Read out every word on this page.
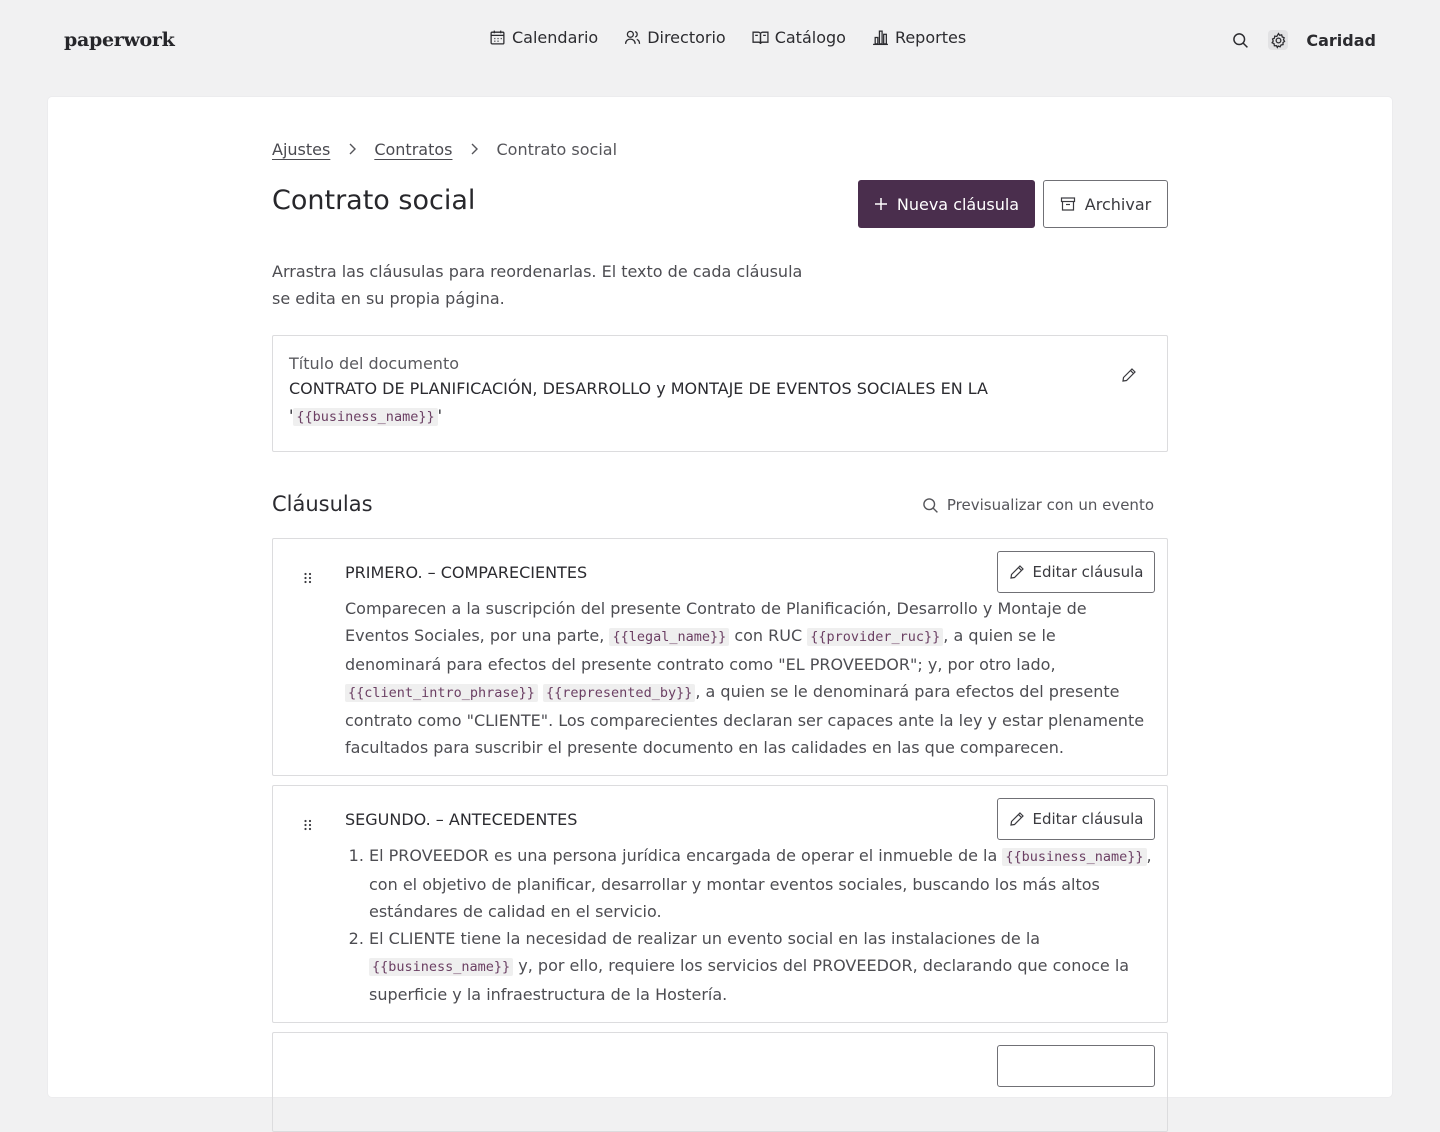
paperwork	Calendario	Directorio	Catálogo	Reportes	Caridad
Ajustes	Contratos	Contrato social
Contrato social	Nueva cláusula	Archivar

Arrastra las cláusulas para reordenarlas. El texto de cada cláusula se edita en su propia página.

Título del documento
CONTRATO DE PLANIFICACIÓN, DESARROLLO y MONTAJE DE EVENTOS SOCIALES EN LA
' {{business_name}} '
Cláusulas	Previsualizar con un evento
PRIMERO. – COMPARECIENTES	Editar cláusula
Comparecen a la suscripción del presente Contrato de Planificación, Desarrollo y Montaje de Eventos Sociales, por una parte, {{legal_name}} con RUC {{provider_ruc}} , a quien se le denominará para efectos del presente contrato como "EL PROVEEDOR"; y, por otro lado, {{client_intro_phrase}} {{represented_by}} , a quien se le denominará para efectos del presente contrato como "CLIENTE". Los comparecientes declaran ser capaces ante la ley y estar plenamente facultados para suscribir el presente documento en las calidades en las que comparecen.
SEGUNDO. – ANTECEDENTES	Editar cláusula
1. El PROVEEDOR es una persona jurídica encargada de operar el inmueble de la {{business_name}} , con el objetivo de planificar, desarrollar y montar eventos sociales, buscando los más altos estándares de calidad en el servicio.
2. El CLIENTE tiene la necesidad de realizar un evento social en las instalaciones de la {{business_name}} y, por ello, requiere los servicios del PROVEEDOR, declarando que conoce la superficie y la infraestructura de la Hostería.
